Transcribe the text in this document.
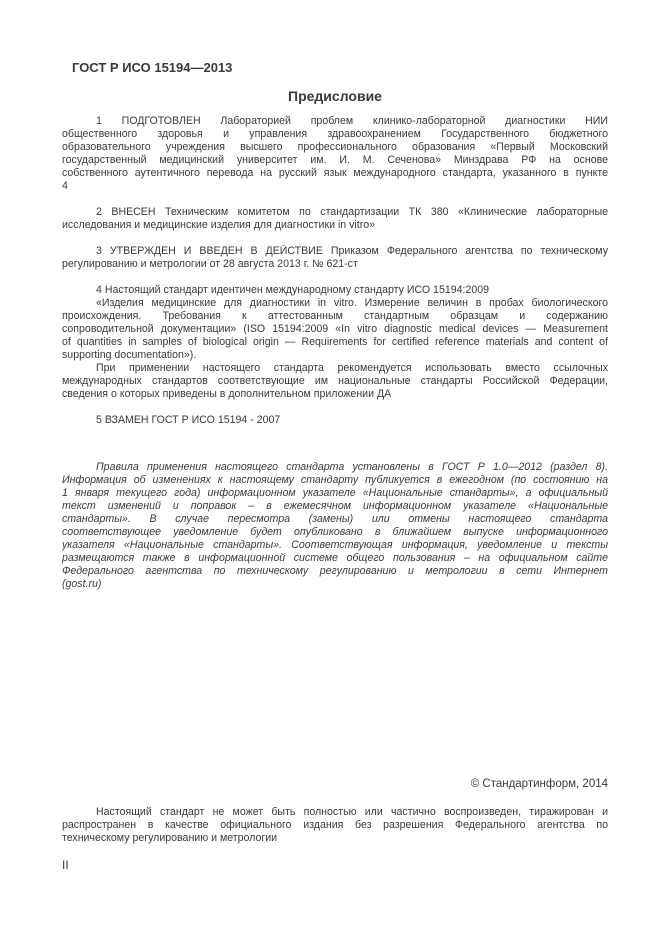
ГОСТ Р ИСО 15194—2013
Предисловие
1 ПОДГОТОВЛЕН Лабораторией проблем клинико-лабораторной диагностики НИИ
общественного здоровья и управления здравоохранением Государственного бюджетного
образовательного учреждения высшего профессионального образования «Первый Московский
государственный медицинский университет им. И. М. Сеченова» Минздрава РФ на основе
собственного аутентичного перевода на русский язык международного стандарта, указанного в пункте
4
2 ВНЕСЕН Техническим комитетом по стандартизации ТК 380 «Клинические лабораторные
исследования и медицинские изделия для диагностики in vitro»
3 УТВЕРЖДЕН И ВВЕДЕН В ДЕЙСТВИЕ Приказом Федерального агентства по техническому
регулированию и метрологии от 28 августа 2013 г. № 621-ст
4 Настоящий стандарт идентичен международному стандарту ИСО 15194:2009
«Изделия медицинские для диагностики in vitro. Измерение величин в пробах биологического
происхождения. Требования к аттестованным стандартным образцам и содержанию
сопроводительной документации» (ISO 15194:2009 «In vitro diagnostic medical devices — Measurement
of quantities in samples of biological origin — Requirements for certified reference materials and content of
supporting documentation»).
При применении настоящего стандарта рекомендуется использовать вместо ссылочных
международных стандартов соответствующие им национальные стандарты Российской Федерации,
сведения о которых приведены в дополнительном приложении ДА
5 ВЗАМЕН ГОСТ Р ИСО 15194 - 2007
Правила применения настоящего стандарта установлены в ГОСТ Р 1.0—2012 (раздел 8).
Информация об изменениях к настоящему стандарту публикуется в ежегодном (по состоянию на
1 января текущего года) информационном указателе «Национальные стандарты», а официальный
текст изменений и поправок – в ежемесячном информационном указателе «Национальные
стандарты». В случае пересмотра (замены) или отмены настоящего стандарта
соответствующее уведомление будет опубликовано в ближайшем выпуске информационного
указателя «Национальные стандарты». Соответствующая информация, уведомление и тексты
размещаются также в информационной системе общего пользования – на официальном сайте
Федерального агентства по техническому регулированию и метрологии в сети Интернет
(gost.ru)
© Стандартинформ, 2014
Настоящий стандарт не может быть полностью или частично воспроизведен, тиражирован и
распространен в качестве официального издания без разрешения Федерального агентства по
техническому регулированию и метрологии
II
